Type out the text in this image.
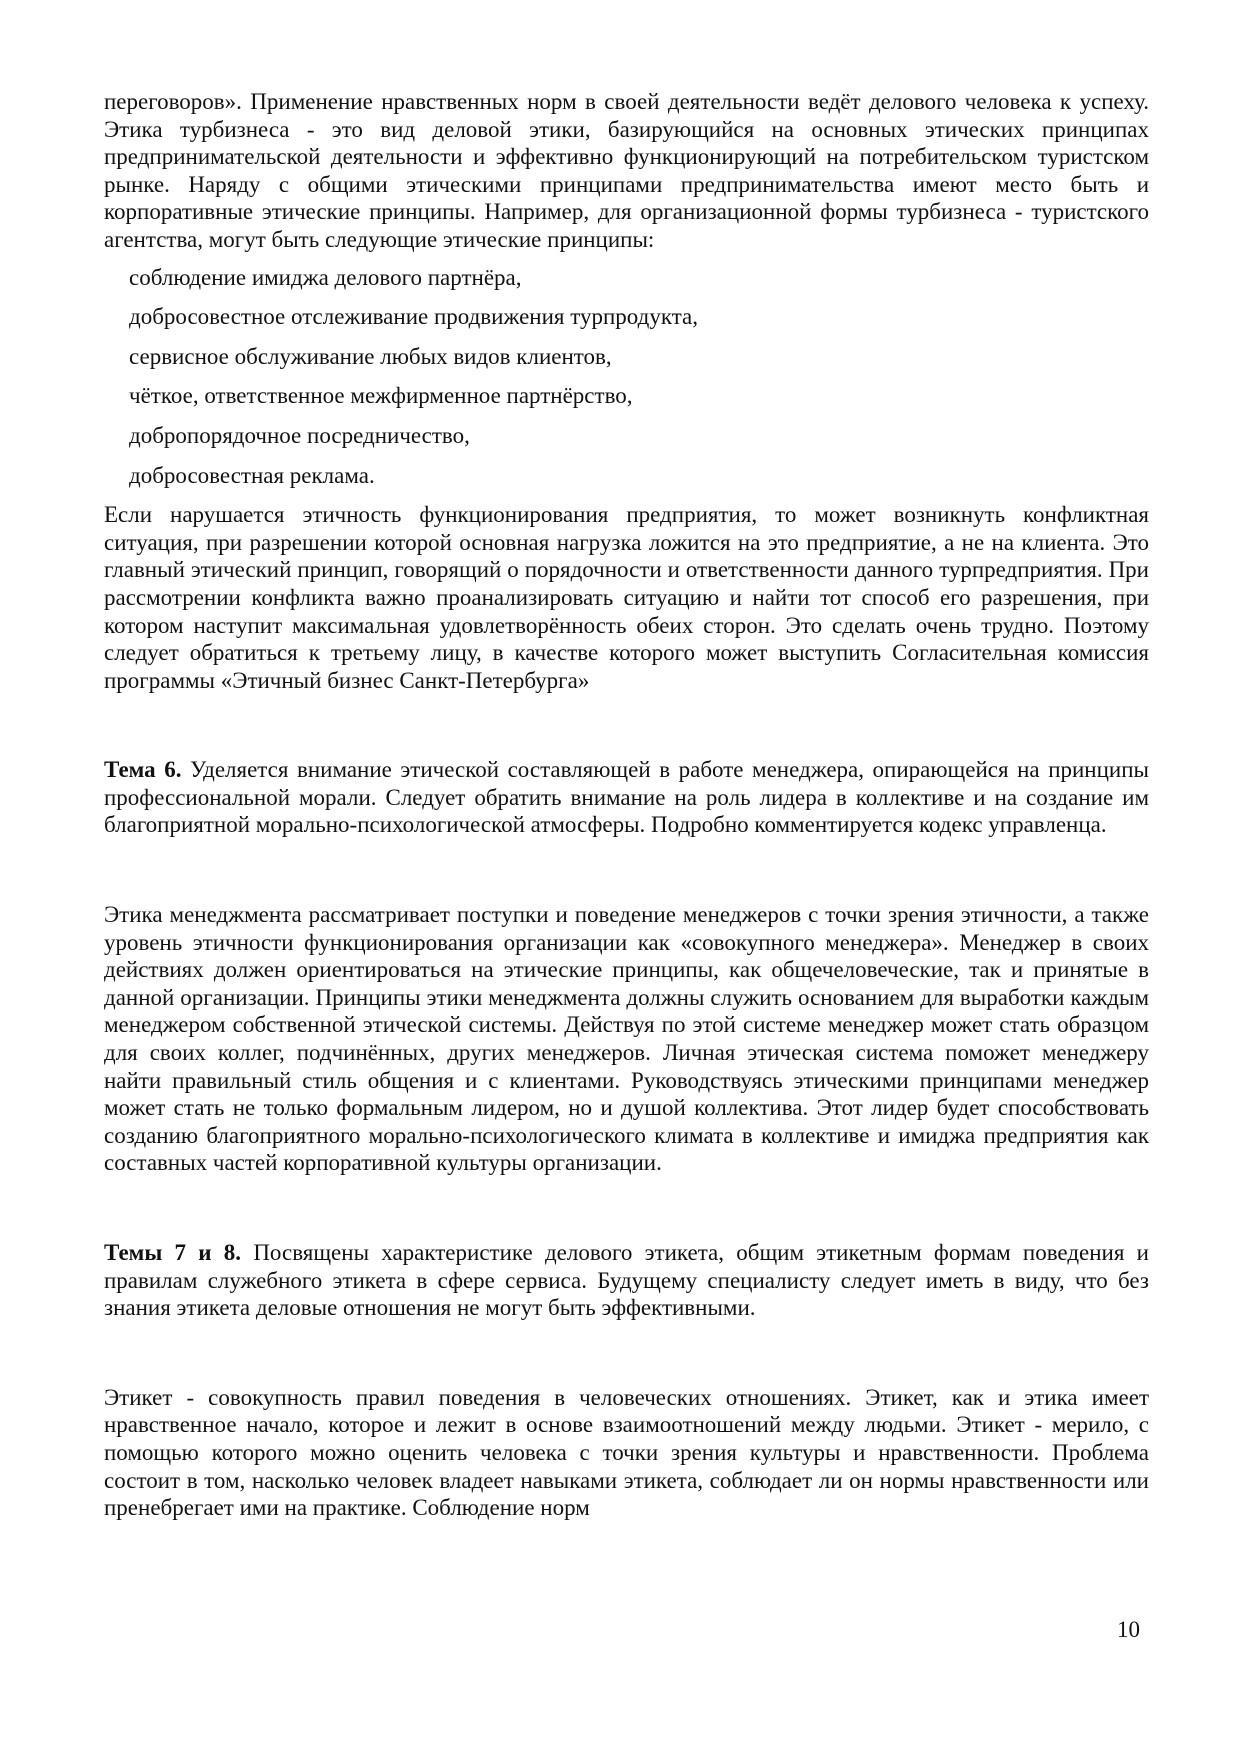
переговоров». Применение нравственных норм в своей деятельности ведёт делового человека к успеху. Этика турбизнеса - это вид деловой этики, базирующийся на основных этических принципах предпринимательской деятельности и эффективно функционирующий на потребительском туристском рынке. Наряду с общими этическими принципами предпринимательства имеют место быть и корпоративные этические принципы. Например, для организационной формы турбизнеса - туристского агентства, могут быть следующие этические принципы:

соблюдение имиджа делового партнёра,
добросовестное отслеживание продвижения турпродукта,
сервисное обслуживание любых видов клиентов,
чёткое, ответственное межфирменное партнёрство,
добропорядочное посредничество,
добросовестная реклама.

Если нарушается этичность функционирования предприятия, то может возникнуть конфликтная ситуация, при разрешении которой основная нагрузка ложится на это предприятие, а не на клиента. Это главный этический принцип, говорящий о порядочности и ответственности данного турпредприятия. При рассмотрении конфликта важно проанализировать ситуацию и найти тот способ его разрешения, при котором наступит максимальная удовлетворённость обеих сторон. Это сделать очень трудно. Поэтому следует обратиться к третьему лицу, в качестве которого может выступить Согласительная комиссия программы «Этичный бизнес Санкт-Петербурга»

Тема 6. Уделяется внимание этической составляющей в работе менеджера, опирающейся на принципы профессиональной морали. Следует обратить внимание на роль лидера в коллективе и на создание им благоприятной морально-психологической атмосферы. Подробно комментируется кодекс управленца.

Этика менеджмента рассматривает поступки и поведение менеджеров с точки зрения этичности, а также уровень этичности функционирования организации как «совокупного менеджера». Менеджер в своих действиях должен ориентироваться на этические принципы, как общечеловеческие, так и принятые в данной организации. Принципы этики менеджмента должны служить основанием для выработки каждым менеджером собственной этической системы. Действуя по этой системе менеджер может стать образцом для своих коллег, подчинённых, других менеджеров. Личная этическая система поможет менеджеру найти правильный стиль общения и с клиентами. Руководствуясь этическими принципами менеджер может стать не только формальным лидером, но и душой коллектива. Этот лидер будет способствовать созданию благоприятного морально-психологического климата в коллективе и имиджа предприятия как составных частей корпоративной культуры организации.

Темы 7 и 8. Посвящены характеристике делового этикета, общим этикетным формам поведения и правилам служебного этикета в сфере сервиса. Будущему специалисту следует иметь в виду, что без знания этикета деловые отношения не могут быть эффективными.

Этикет - совокупность правил поведения в человеческих отношениях. Этикет, как и этика имеет нравственное начало, которое и лежит в основе взаимоотношений между людьми. Этикет - мерило, с помощью которого можно оценить человека с точки зрения культуры и нравственности. Проблема состоит в том, насколько человек владеет навыками этикета, соблюдает ли он нормы нравственности или пренебрегает ими на практике. Соблюдение норм

10
